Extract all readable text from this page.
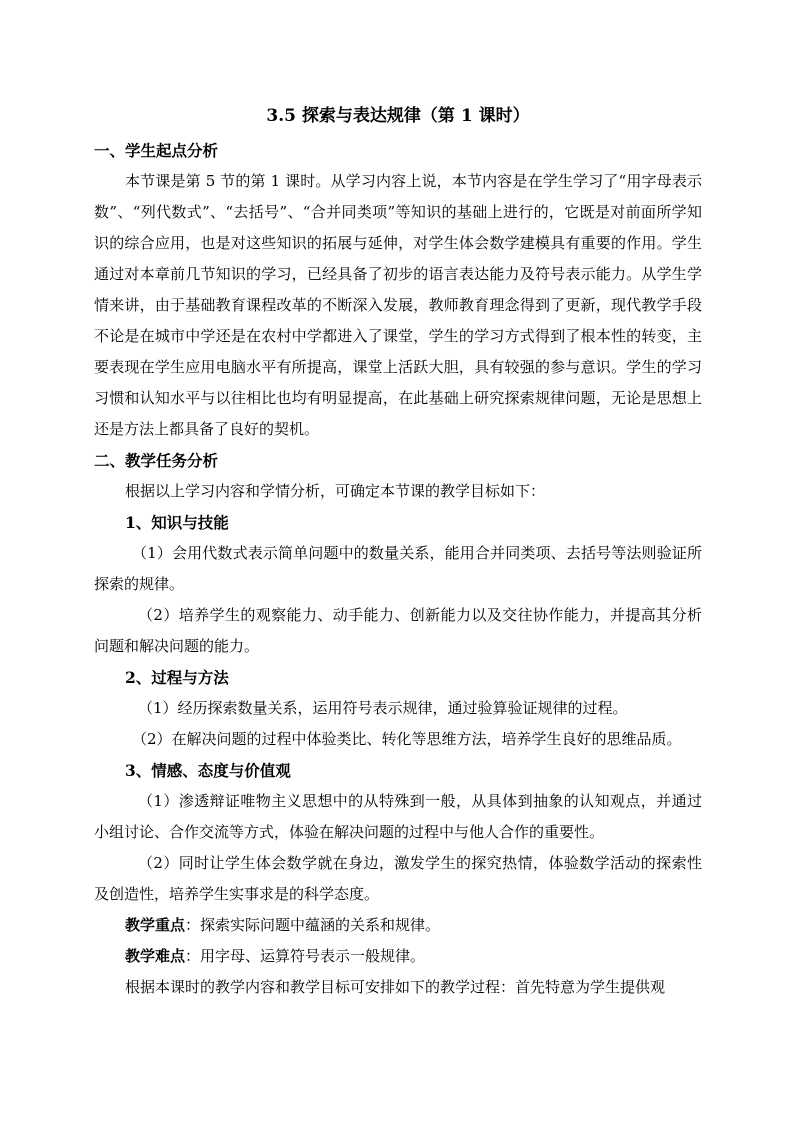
3.5 探索与表达规律（第 1 课时）
一、学生起点分析

本节课是第 5 节的第 1 课时。从学习内容上说，本节内容是在学生学习了“用字母表示数”、“列代数式”、“去括号”、“合并同类项”等知识的基础上进行的，它既是对前面所学知识的综合应用，也是对这些知识的拓展与延伸，对学生体会数学建模具有重要的作用。学生通过对本章前几节知识的学习，已经具备了初步的语言表达能力及符号表示能力。从学生学情来讲，由于基础教育课程改革的不断深入发展，教师教育理念得到了更新，现代教学手段不论是在城市中学还是在农村中学都进入了课堂，学生的学习方式得到了根本性的转变，主要表现在学生应用电脑水平有所提高，课堂上活跃大胆，具有较强的参与意识。学生的学习习惯和认知水平与以往相比也均有明显提高，在此基础上研究探索规律问题，无论是思想上还是方法上都具备了良好的契机。

二、教学任务分析

根据以上学习内容和学情分析，可确定本节课的教学目标如下：

1、知识与技能

（1）会用代数式表示简单问题中的数量关系，能用合并同类项、去括号等法则验证所探索的规律。

（2）培养学生的观察能力、动手能力、创新能力以及交往协作能力，并提高其分析问题和解决问题的能力。

2、过程与方法

（1）经历探索数量关系，运用符号表示规律，通过验算验证规律的过程。

（2）在解决问题的过程中体验类比、转化等思维方法，培养学生良好的思维品质。

3、情感、态度与价值观

（1）渗透辩证唯物主义思想中的从特殊到一般，从具体到抽象的认知观点，并通过小组讨论、合作交流等方式，体验在解决问题的过程中与他人合作的重要性。

（2）同时让学生体会数学就在身边，激发学生的探究热情，体验数学活动的探索性及创造性，培养学生实事求是的科学态度。

教学重点：探索实际问题中蕴涵的关系和规律。

教学难点：用字母、运算符号表示一般规律。

根据本课时的教学内容和教学目标可安排如下的教学过程：首先特意为学生提供观
